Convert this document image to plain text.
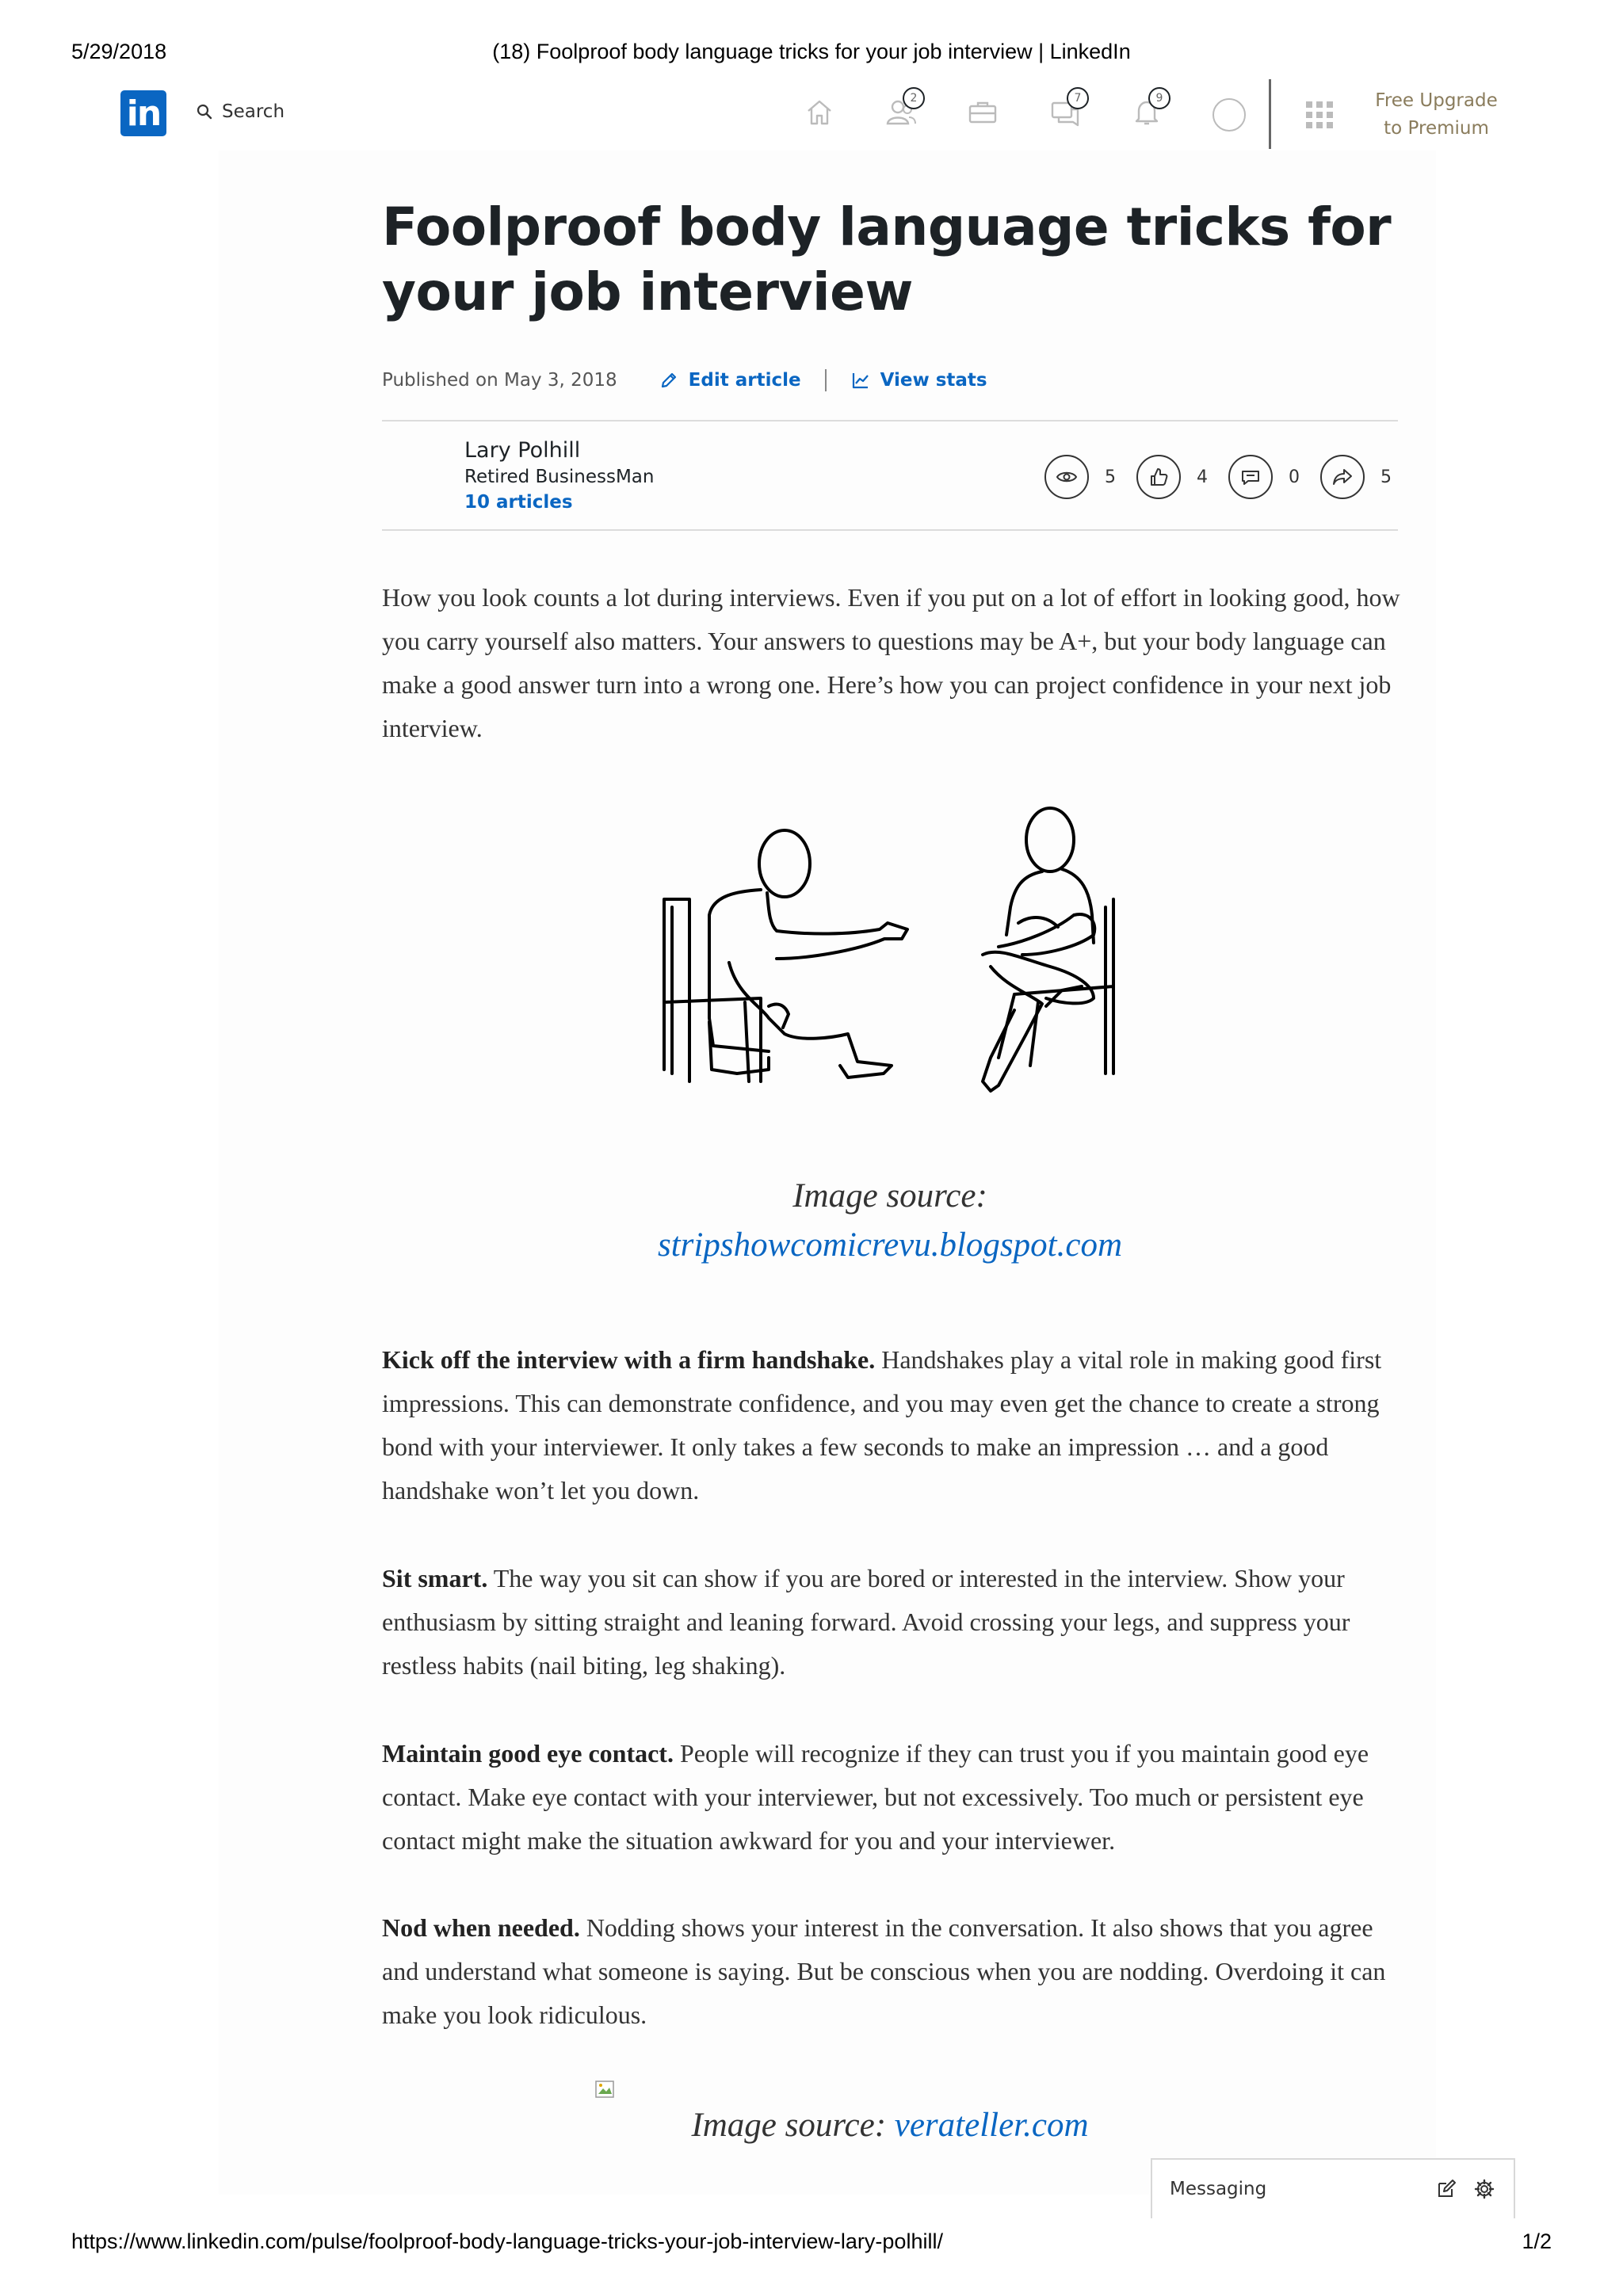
5/29/2018	(18) Foolproof body language tricks for your job interview | LinkedIn
in	Search
2	7	9	Free Upgrade
to Premium
Foolproof body language tricks for
your job interview
Published on May 3, 2018	Edit article	View stats
Lary Polhill
Retired BusinessMan
10 articles
5	4	0	5

How you look counts a lot during interviews. Even if you put on a lot of effort in looking good, how you carry yourself also matters. Your answers to questions may be A+, but your body language can make a good answer turn into a wrong one. Here’s how you can project confidence in your next job interview.

Image source:
stripshowcomicrevu.blogspot.com

Kick off the interview with a firm handshake. Handshakes play a vital role in making good first impressions. This can demonstrate confidence, and you may even get the chance to create a strong bond with your interviewer. It only takes a few seconds to make an impression … and a good handshake won’t let you down.

Sit smart. The way you sit can show if you are bored or interested in the interview. Show your enthusiasm by sitting straight and leaning forward. Avoid crossing your legs, and suppress your restless habits (nail biting, leg shaking).

Maintain good eye contact. People will recognize if they can trust you if you maintain good eye contact. Make eye contact with your interviewer, but not excessively. Too much or persistent eye contact might make the situation awkward for you and your interviewer.

Nod when needed. Nodding shows your interest in the conversation. It also shows that you agree and understand what someone is saying. But be conscious when you are nodding. Overdoing it can make you look ridiculous.

Image source: verateller.com
Messaging
https://www.linkedin.com/pulse/foolproof-body-language-tricks-your-job-interview-lary-polhill/	1/2
